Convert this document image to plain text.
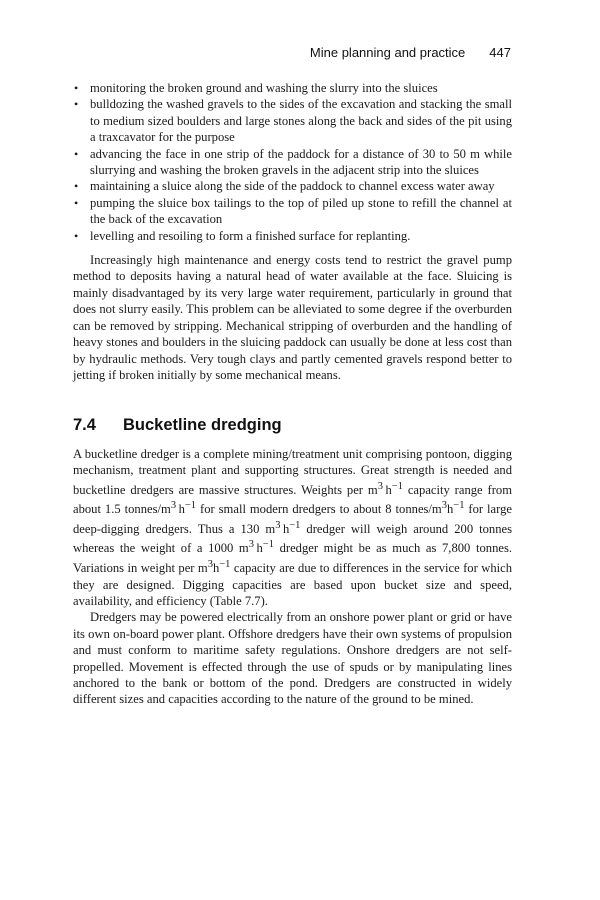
Mine planning and practice 447
• monitoring the broken ground and washing the slurry into the sluices
• bulldozing the washed gravels to the sides of the excavation and stacking the small to medium sized boulders and large stones along the back and sides of the pit using a traxcavator for the purpose
• advancing the face in one strip of the paddock for a distance of 30 to 50 m while slurrying and washing the broken gravels in the adjacent strip into the sluices
• maintaining a sluice along the side of the paddock to channel excess water away
• pumping the sluice box tailings to the top of piled up stone to refill the channel at the back of the excavation
• levelling and resoiling to form a finished surface for replanting.

Increasingly high maintenance and energy costs tend to restrict the gravel pump method to deposits having a natural head of water available at the face. Sluicing is mainly disadvantaged by its very large water requirement, particularly in ground that does not slurry easily. This problem can be alleviated to some degree if the overburden can be removed by stripping. Mechanical stripping of overburden and the handling of heavy stones and boulders in the sluicing paddock can usually be done at less cost than by hydraulic methods. Very tough clays and partly cemented gravels respond better to jetting if broken initially by some mechanical means.

7.4 Bucketline dredging

A bucketline dredger is a complete mining/treatment unit comprising pontoon, digging mechanism, treatment plant and supporting structures. Great strength is needed and bucketline dredgers are massive structures. Weights per $m^3$  $h^{-1}$ capacity range from about 1.5 tonnes/$m^3$  $h^{-1}$ for small modern dredgers to about 8 tonnes/$m^3h^{-1}$ for large deep-digging dredgers. Thus a 130 $m^3$  $h^{-1}$ dredger will weigh around 200 tonnes whereas the weight of a 1000 $m^3$  $h^{-1}$ dredger might be as much as 7,800 tonnes. Variations in weight per $m^3h^{-1}$ capacity are due to differences in the service for which they are designed. Digging capacities are based upon bucket size and speed, availability, and efficiency (Table 7.7).

Dredgers may be powered electrically from an onshore power plant or grid or have its own on-board power plant. Offshore dredgers have their own systems of propulsion and must conform to maritime safety regulations. Onshore dredgers are not self-propelled. Movement is effected through the use of spuds or by manipulating lines anchored to the bank or bottom of the pond. Dredgers are constructed in widely different sizes and capacities according to the nature of the ground to be mined.
